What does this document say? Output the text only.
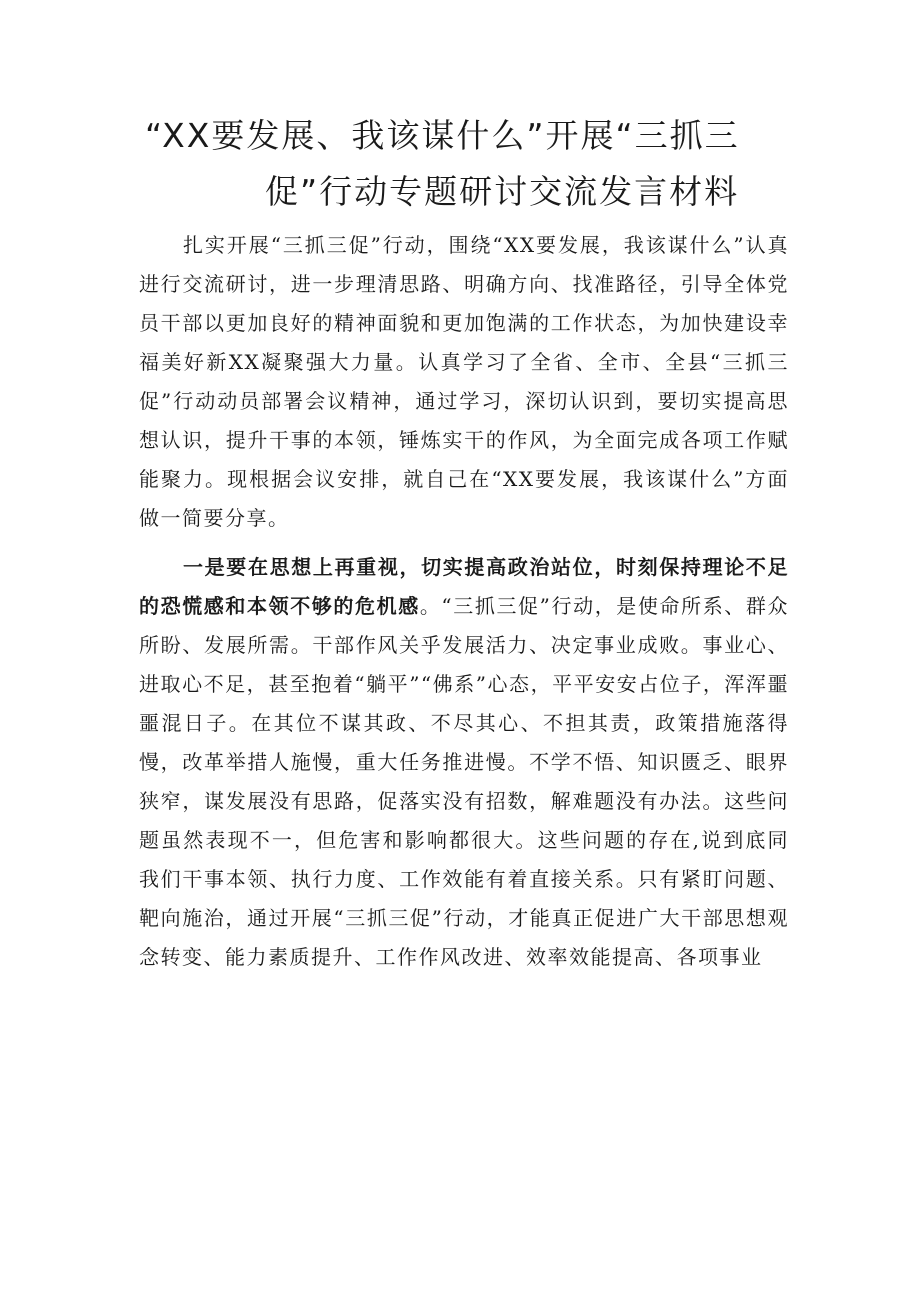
“XX要发展、我该谋什么”开展“三抓三
促”行动专题研讨交流发言材料

扎实开展“三抓三促”行动，围绕“XX要发展，我该谋什么”认真进行交流研讨，进一步理清思路、明确方向、找准路径，引导全体党员干部以更加良好的精神面貌和更加饱满的工作状态，为加快建设幸福美好新XX凝聚强大力量。认真学习了全省、全市、全县“三抓三促”行动动员部署会议精神，通过学习，深切认识到，要切实提高思想认识，提升干事的本领，锤炼实干的作风，为全面完成各项工作赋能聚力。现根据会议安排，就自己在“XX要发展，我该谋什么”方面做一简要分享。

一是要在思想上再重视，切实提高政治站位，时刻保持理论不足的恐慌感和本领不够的危机感。“三抓三促”行动，是使命所系、群众所盼、发展所需。干部作风关乎发展活力、决定事业成败。事业心、进取心不足，甚至抱着“躺平”“佛系”心态，平平安安占位子，浑浑噩噩混日子。在其位不谋其政、不尽其心、不担其责，政策措施落得慢，改革举措人施慢，重大任务推进慢。不学不悟、知识匮乏、眼界狭窄，谋发展没有思路，促落实没有招数，解难题没有办法。这些问题虽然表现不一，但危害和影响都很大。这些问题的存在,说到底同我们干事本领、执行力度、工作效能有着直接关系。只有紧盯问题、靶向施治，通过开展“三抓三促”行动，才能真正促进广大干部思想观念转变、能力素质提升、工作作风改进、效率效能提高、各项事业
